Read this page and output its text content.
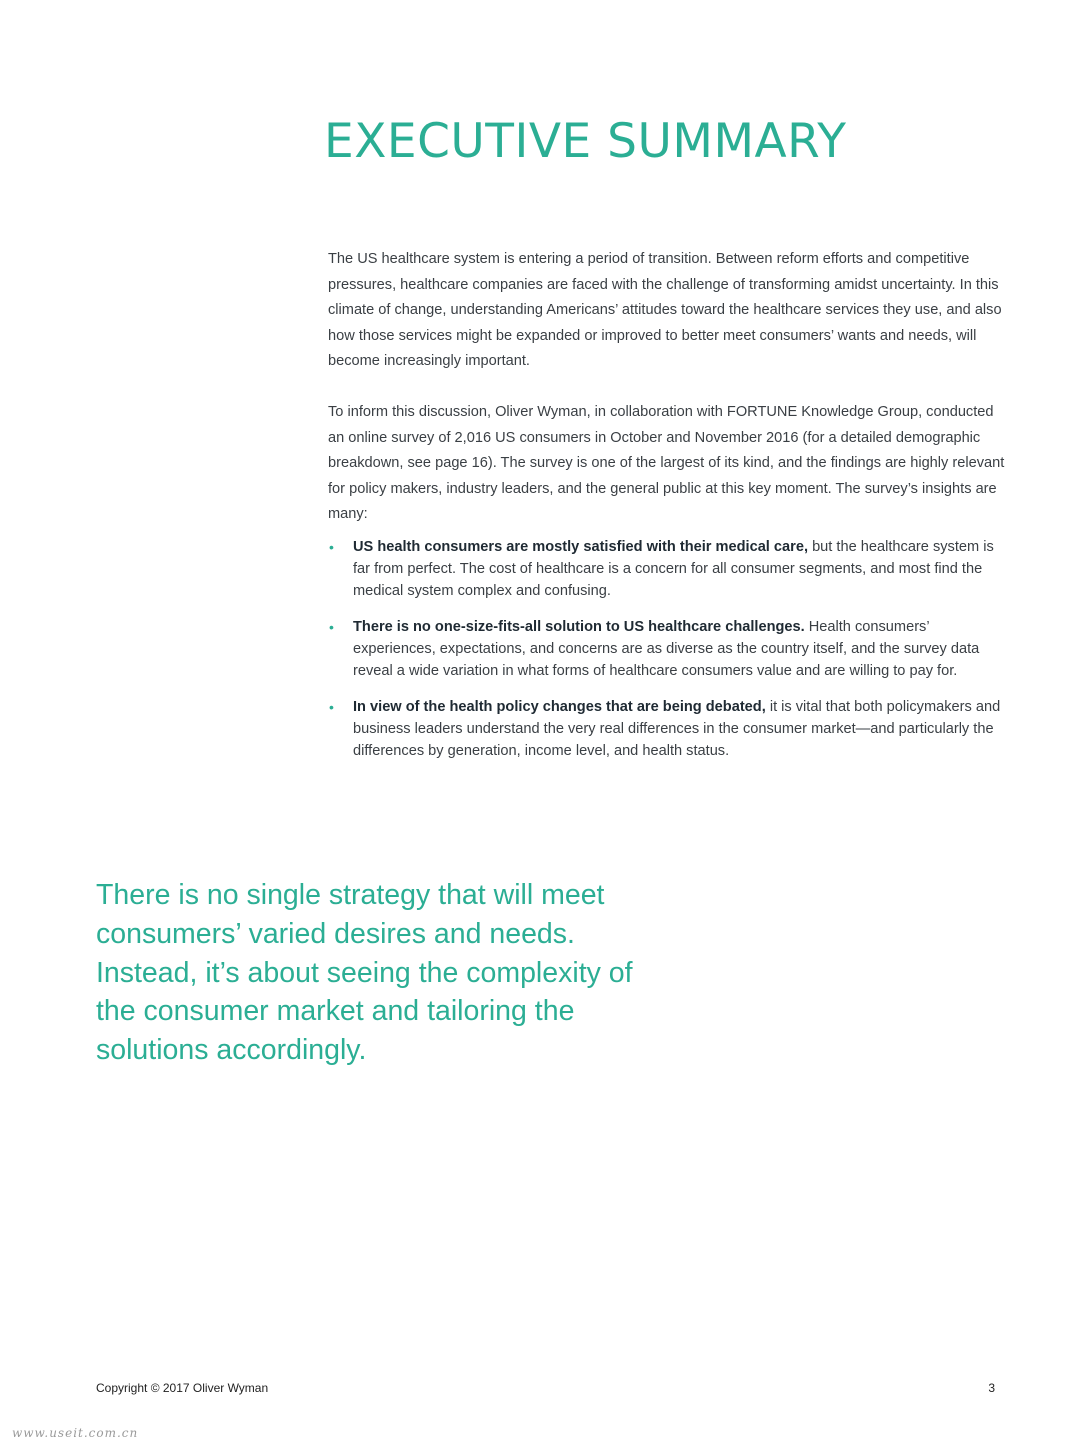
EXECUTIVE SUMMARY

The US healthcare system is entering a period of transition. Between reform efforts and competitive pressures, healthcare companies are faced with the challenge of transforming amidst uncertainty. In this climate of change, understanding Americans’ attitudes toward the healthcare services they use, and also how those services might be expanded or improved to better meet consumers’ wants and needs, will become increasingly important.

To inform this discussion, Oliver Wyman, in collaboration with FORTUNE Knowledge Group, conducted an online survey of 2,016 US consumers in October and November 2016 (for a detailed demographic breakdown, see page 16). The survey is one of the largest of its kind, and the findings are highly relevant for policy makers, industry leaders, and the general public at this key moment. The survey’s insights are many:

• US health consumers are mostly satisfied with their medical care, but the healthcare system is far from perfect. The cost of healthcare is a concern for all consumer segments, and most find the medical system complex and confusing.
• There is no one-size-fits-all solution to US healthcare challenges. Health consumers’ experiences, expectations, and concerns are as diverse as the country itself, and the survey data reveal a wide variation in what forms of healthcare consumers value and are willing to pay for.
• In view of the health policy changes that are being debated, it is vital that both policymakers and business leaders understand the very real differences in the consumer market—and particularly the differences by generation, income level, and health status.

There is no single strategy that will meet consumers’ varied desires and needs. Instead, it’s about seeing the complexity of the consumer market and tailoring the solutions accordingly.

Copyright © 2017 Oliver Wyman	3

www.useit.com.cn
